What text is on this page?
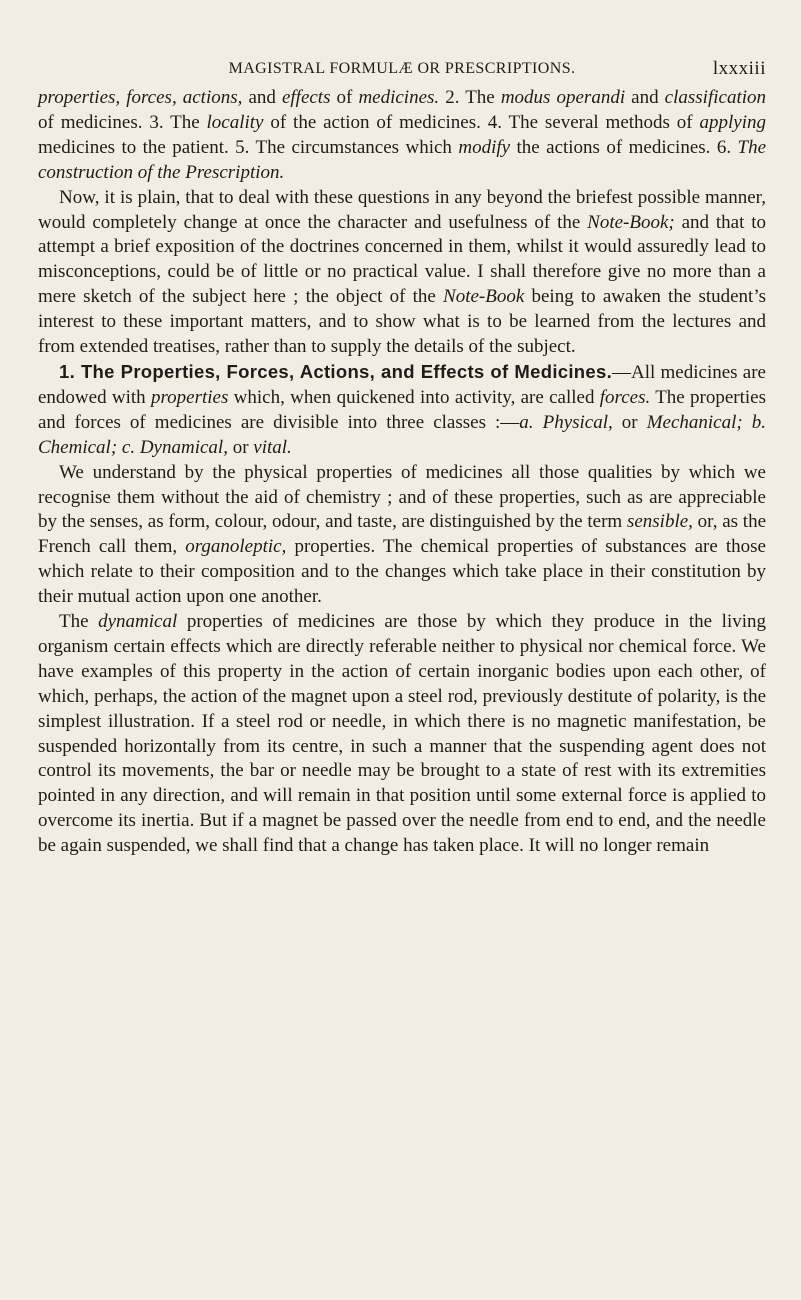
MAGISTRAL FORMULÆ OR PRESCRIPTIONS.	lxxxiii

properties, forces, actions, and effects of medicines. 2. The modus operandi and classification of medicines. 3. The locality of the action of medicines. 4. The several methods of applying medicines to the patient. 5. The circumstances which modify the actions of medicines. 6. The construction of the Prescription.

Now, it is plain, that to deal with these questions in any beyond the briefest possible manner, would completely change at once the character and usefulness of the Note-Book; and that to attempt a brief exposition of the doctrines concerned in them, whilst it would assuredly lead to misconceptions, could be of little or no practical value. I shall therefore give no more than a mere sketch of the subject here ; the object of the Note-Book being to awaken the student’s interest to these important matters, and to show what is to be learned from the lectures and from extended treatises, rather than to supply the details of the subject.

1. The Properties, Forces, Actions, and Effects of Medicines.—All medicines are endowed with properties which, when quickened into activity, are called forces. The properties and forces of medicines are divisible into three classes :—a. Physical, or Mechanical; b. Chemical; c. Dynamical, or vital.

We understand by the physical properties of medicines all those qualities by which we recognise them without the aid of chemistry ; and of these properties, such as are appreciable by the senses, as form, colour, odour, and taste, are distinguished by the term sensible, or, as the French call them, organoleptic, properties. The chemical properties of substances are those which relate to their composition and to the changes which take place in their constitution by their mutual action upon one another.

The dynamical properties of medicines are those by which they produce in the living organism certain effects which are directly referable neither to physical nor chemical force. We have examples of this property in the action of certain inorganic bodies upon each other, of which, perhaps, the action of the magnet upon a steel rod, previously destitute of polarity, is the simplest illustration. If a steel rod or needle, in which there is no magnetic manifestation, be suspended horizontally from its centre, in such a manner that the suspending agent does not control its movements, the bar or needle may be brought to a state of rest with its extremities pointed in any direction, and will remain in that position until some external force is applied to overcome its inertia. But if a magnet be passed over the needle from end to end, and the needle be again suspended, we shall find that a change has taken place. It will no longer remain
